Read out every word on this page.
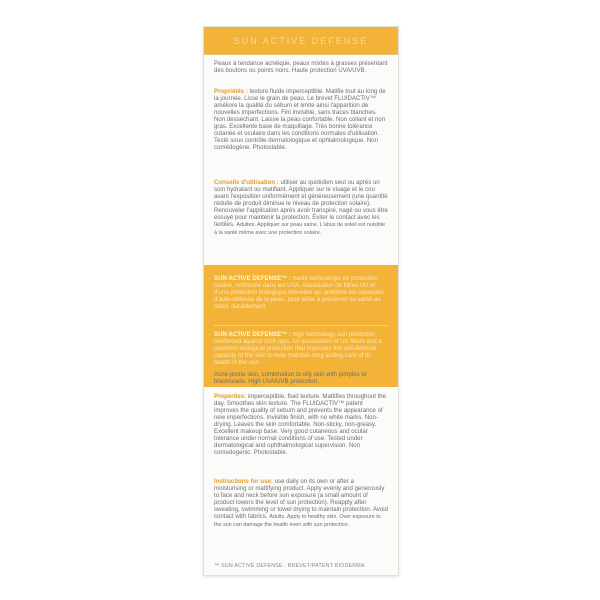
SUN ACTIVE DEFENSE
Peaux à tendance acnéique, peaux mixtes à grasses présentant des boutons ou points noirs. Haute protection UVA/UVB.
Propriétés : texture fluide imperceptible. Matifie tout au long de la journée. Lisse le grain de peau. Le brevet FLUIDACTIV™ améliore la qualité du sébum et limite ainsi l'apparition de nouvelles imperfections. Fini invisible, sans traces blanches. Non desséchant. Laisse la peau confortable. Non collant et non gras. Excellente base de maquillage. Très bonne tolérance cutanée et oculaire dans les conditions normales d'utilisation. Testé sous contrôle dermatologique et ophtalmologique. Non comédogène. Photostable.
Conseils d'utilisation : utiliser au quotidien seul ou après un soin hydratant ou matifiant. Appliquer sur le visage et le cou avant l'exposition uniformément et généreusement (une quantité réduite de produit diminue le niveau de protection solaire). Renouveler l'application après avoir transpiré, nagé ou vous être essuyé pour maintenir la protection. Éviter le contact avec les textiles. Adultes. Appliquer sur peau saine. L'abus de soleil est nuisible à la santé même avec une protection solaire.
SUN ACTIVE DEFENSE™ : haute technologie de protection solaire, renforcée dans les UVA. Association de filtres UV et d'une protection biologique brevetée qui améliore les capacités d'auto-défense de la peau, pour aider à préserver sa santé au soleil, durablement.
SUN ACTIVE DEFENSE™ : high technology sun protection, reinforced against UVA rays. An association of UV filters and a patented biological protection that improves the self-defense capacity of the skin to help maintain long lasting care of its health in the sun.
Acne-prone skin, combination to oily skin with pimples or blackheads. High UVA/UVB protection.
Properties: imperceptible, fluid texture. Mattifies throughout the day. Smoothes skin texture. The FLUIDACTIV™ patent improves the quality of sebum and prevents the appearance of new imperfections. Invisible finish, with no white marks. Non-drying. Leaves the skin comfortable. Non-sticky, non-greasy. Excellent makeup base. Very good cutaneous and ocular tolerance under normal conditions of use. Tested under dermatological and ophthalmological supervision. Non comedogenic. Photostable.
Instructions for use: use daily on its own or after a moisturising or mattifying product. Apply evenly and generously to face and neck before sun exposure (a small amount of product lowers the level of sun protection). Reapply after sweating, swimming or towel drying to maintain protection. Avoid contact with fabrics. Adults. Apply to healthy skin. Over exposure to the sun can damage the health even with sun protection.
™ SUN ACTIVE DEFENSE : BREVET/PATENT BIODERMA
